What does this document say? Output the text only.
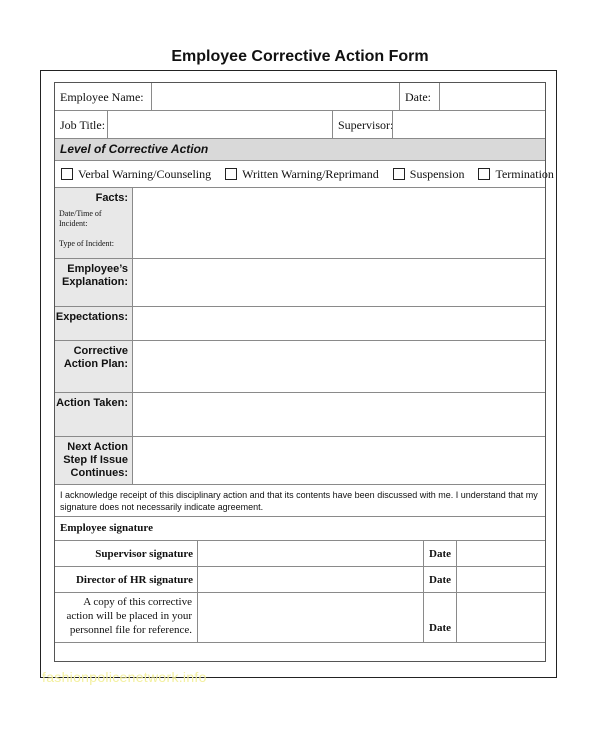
Employee Corrective Action Form
Employee Name:	Date:
Job Title:	Supervisor:
Level of Corrective Action
Verbal Warning/Counseling	Written Warning/Reprimand	Suspension	Termination
Facts:
Date/Time of Incident:
Type of Incident:
Employee’s
Explanation:
Expectations:
Corrective
Action Plan:
Action Taken:
Next Action
Step If Issue
Continues:
I acknowledge receipt of this disciplinary action and that its contents have been discussed with me. I understand that my signature does not necessarily indicate agreement.
Employee signature
Supervisor signature	Date
Director of HR signature	Date
A copy of this corrective
action will be placed in your
personnel file for reference.	Date
fashionpolicenetwork.info
